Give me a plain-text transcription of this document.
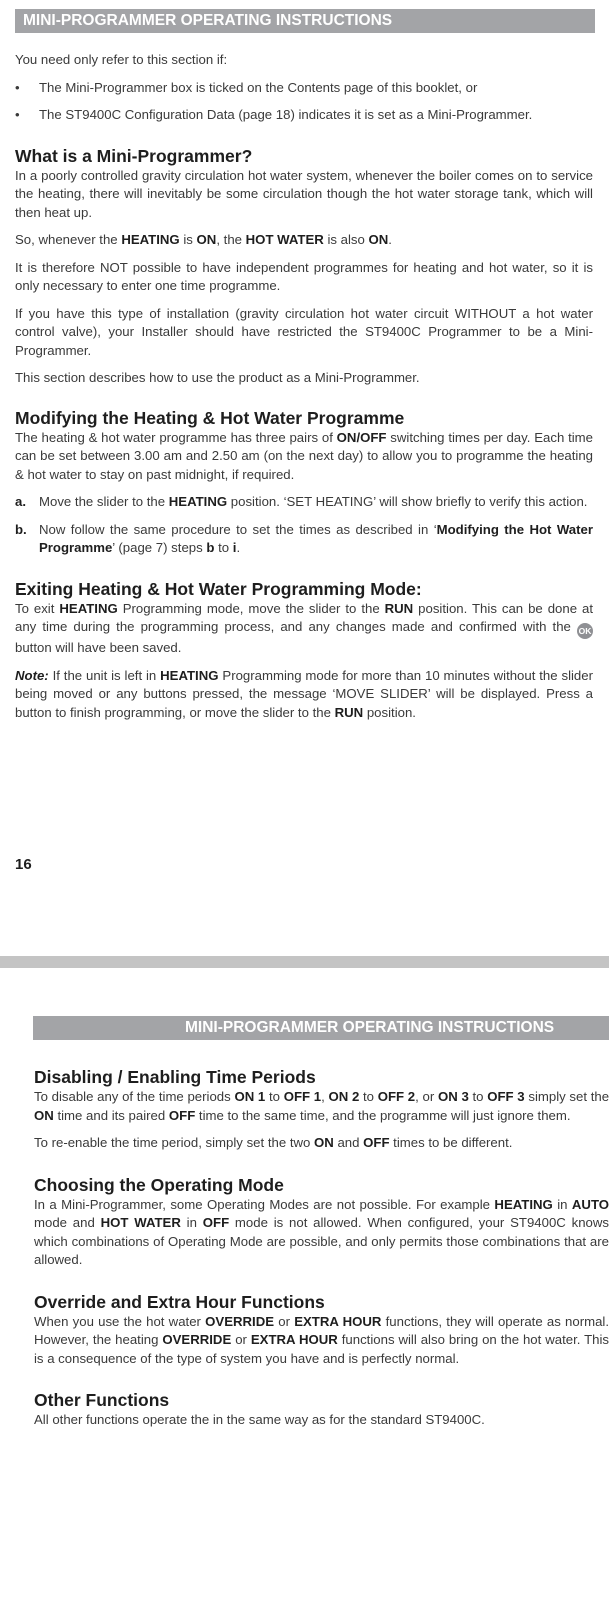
MINI-PROGRAMMER OPERATING INSTRUCTIONS

You need only refer to this section if:

• The Mini-Programmer box is ticked on the Contents page of this booklet, or
• The ST9400C Configuration Data (page 18) indicates it is set as a Mini-Programmer.
What is a Mini-Programmer?

In a poorly controlled gravity circulation hot water system, whenever the boiler comes on to service the heating, there will inevitably be some circulation though the hot water storage tank, which will then heat up.

So, whenever the HEATING is ON, the HOT WATER is also ON.

It is therefore NOT possible to have independent programmes for heating and hot water, so it is only necessary to enter one time programme.

If you have this type of installation (gravity circulation hot water circuit WITHOUT a hot water control valve), your Installer should have restricted the ST9400C Programmer to be a Mini-Programmer.

This section describes how to use the product as a Mini-Programmer.

Modifying the Heating & Hot Water Programme

The heating & hot water programme has three pairs of ON/OFF switching times per day. Each time can be set between 3.00 am and 2.50 am (on the next day) to allow you to programme the heating & hot water to stay on past midnight, if required.

a. Move the slider to the HEATING position. ‘SET HEATING’ will show briefly to verify this action.
b. Now follow the same procedure to set the times as described in ‘Modifying the Hot Water Programme’ (page 7) steps b to i.
Exiting Heating & Hot Water Programming Mode:

To exit HEATING Programming mode, move the slider to the RUN position. This can be done at any time during the programming process, and any changes made and confirmed with the OK button will have been saved.

Note: If the unit is left in HEATING Programming mode for more than 10 minutes without the slider being moved or any buttons pressed, the message ‘MOVE SLIDER’ will be displayed. Press a button to finish programming, or move the slider to the RUN position.

16
MINI-PROGRAMMER OPERATING INSTRUCTIONS
Disabling / Enabling Time Periods

To disable any of the time periods ON 1 to OFF 1, ON 2 to OFF 2, or ON 3 to OFF 3 simply set the ON time and its paired OFF time to the same time, and the programme will just ignore them.

To re-enable the time period, simply set the two ON and OFF times to be different.

Choosing the Operating Mode

In a Mini-Programmer, some Operating Modes are not possible. For example HEATING in AUTO mode and HOT WATER in OFF mode is not allowed. When configured, your ST9400C knows which combinations of Operating Mode are possible, and only permits those combinations that are allowed.

Override and Extra Hour Functions

When you use the hot water OVERRIDE or EXTRA HOUR functions, they will operate as normal. However, the heating OVERRIDE or EXTRA HOUR functions will also bring on the hot water. This is a consequence of the type of system you have and is perfectly normal.

Other Functions

All other functions operate the in the same way as for the standard ST9400C.
